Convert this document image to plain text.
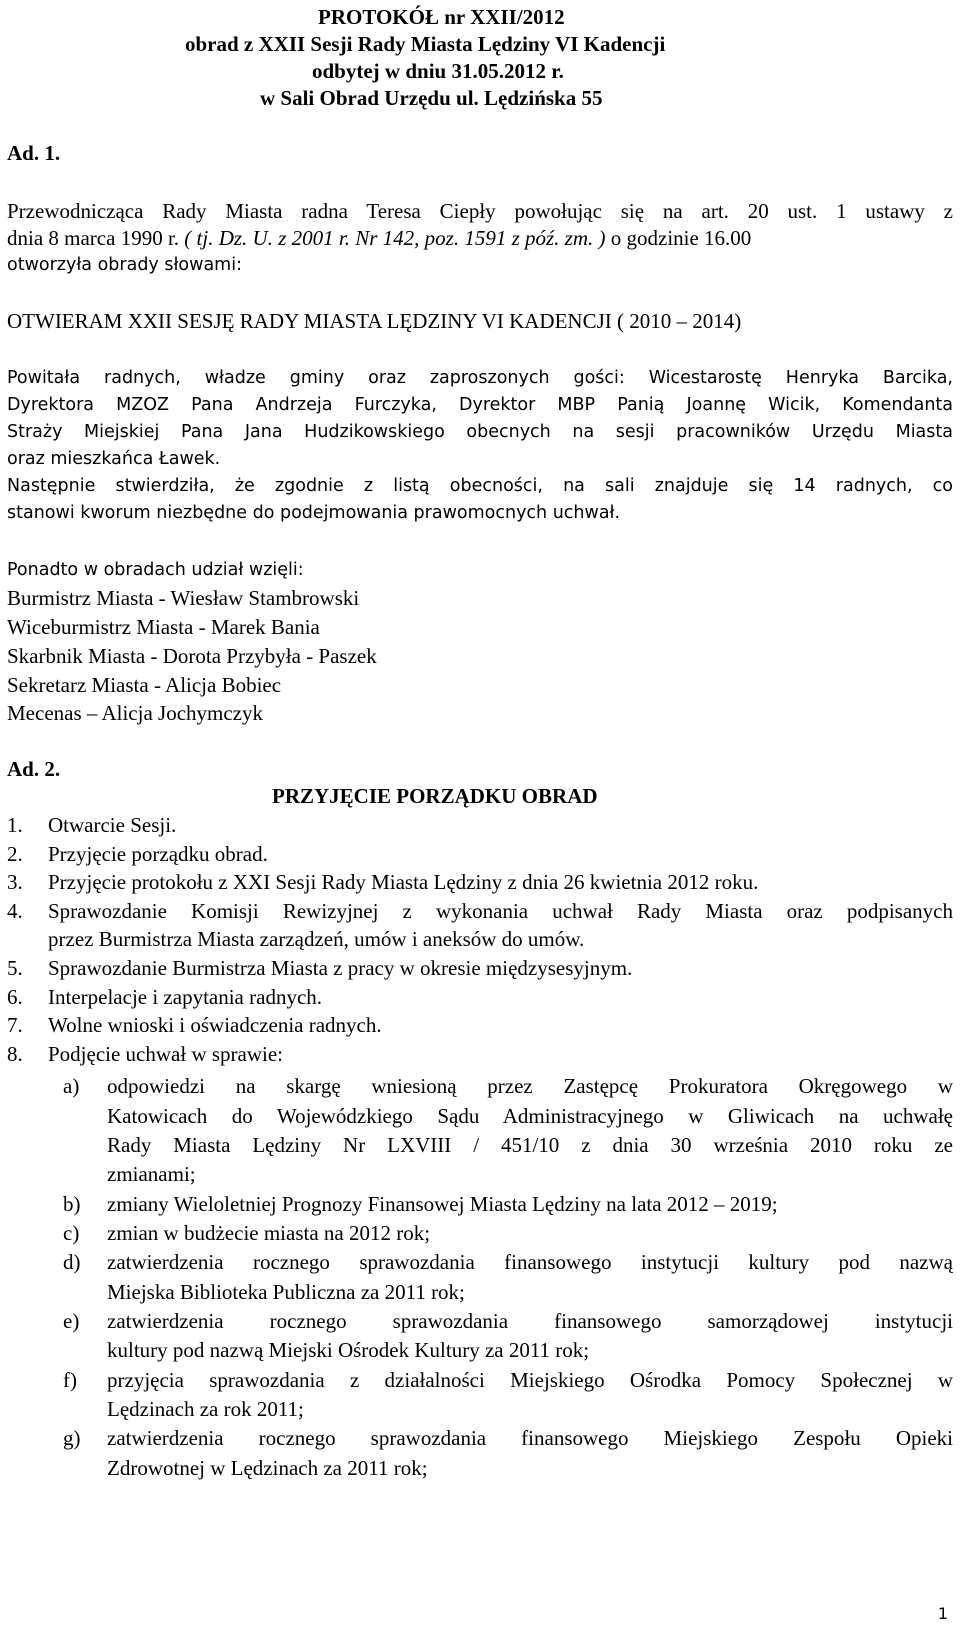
PROTOKÓŁ nr XXII/2012
obrad z XXII Sesji Rady Miasta Lędziny VI Kadencji
odbytej w dniu 31.05.2012 r.
w Sali Obrad Urzędu ul. Lędzińska 55
Ad. 1.
Przewodnicząca Rady Miasta radna Teresa Ciepły powołując się na art. 20 ust. 1 ustawy z
dnia 8 marca 1990 r. ( tj. Dz. U. z 2001 r. Nr 142, poz. 1591 z póź. zm. ) o godzinie 16.00
otworzyła obrady słowami:
OTWIERAM XXII SESJĘ RADY MIASTA LĘDZINY VI KADENCJI ( 2010 – 2014)
Powitała radnych, władze gminy oraz zaproszonych gości: Wicestarostę Henryka Barcika,
Dyrektora MZOZ Pana Andrzeja Furczyka, Dyrektor MBP Panią Joannę Wicik, Komendanta
Straży Miejskiej Pana Jana Hudzikowskiego obecnych na sesji pracowników Urzędu Miasta
oraz mieszkańca Ławek.
Następnie stwierdziła, że zgodnie z listą obecności, na sali znajduje się 14 radnych, co
stanowi kworum niezbędne do podejmowania prawomocnych uchwał.
Ponadto w obradach udział wzięli:
Burmistrz Miasta - Wiesław Stambrowski
Wiceburmistrz Miasta - Marek Bania
Skarbnik Miasta - Dorota Przybyła - Paszek
Sekretarz Miasta - Alicja Bobiec
Mecenas – Alicja Jochymczyk
Ad. 2.
PRZYJĘCIE PORZĄDKU OBRAD
1. Otwarcie Sesji.
2. Przyjęcie porządku obrad.
3. Przyjęcie protokołu z XXI Sesji Rady Miasta Lędziny z dnia 26 kwietnia 2012 roku.
4. Sprawozdanie Komisji Rewizyjnej z wykonania uchwał Rady Miasta oraz podpisanych
przez Burmistrza Miasta zarządzeń, umów i aneksów do umów.
5. Sprawozdanie Burmistrza Miasta z pracy w okresie międzysesyjnym.
6. Interpelacje i zapytania radnych.
7. Wolne wnioski i oświadczenia radnych.
8. Podjęcie uchwał w sprawie:
a) odpowiedzi na skargę wniesioną przez Zastępcę Prokuratora Okręgowego w
Katowicach do Wojewódzkiego Sądu Administracyjnego w Gliwicach na uchwałę
Rady Miasta Lędziny Nr LXVIII / 451/10 z dnia 30 września 2010 roku ze
zmianami;
b) zmiany Wieloletniej Prognozy Finansowej Miasta Lędziny na lata 2012 – 2019;
c) zmian w budżecie miasta na 2012 rok;
d) zatwierdzenia rocznego sprawozdania finansowego instytucji kultury pod nazwą
Miejska Biblioteka Publiczna za 2011 rok;
e) zatwierdzenia rocznego sprawozdania finansowego samorządowej instytucji
kultury pod nazwą Miejski Ośrodek Kultury za 2011 rok;
f) przyjęcia sprawozdania z działalności Miejskiego Ośrodka Pomocy Społecznej w
Lędzinach za rok 2011;
g) zatwierdzenia rocznego sprawozdania finansowego Miejskiego Zespołu Opieki
Zdrowotnej w Lędzinach za 2011 rok;
1
